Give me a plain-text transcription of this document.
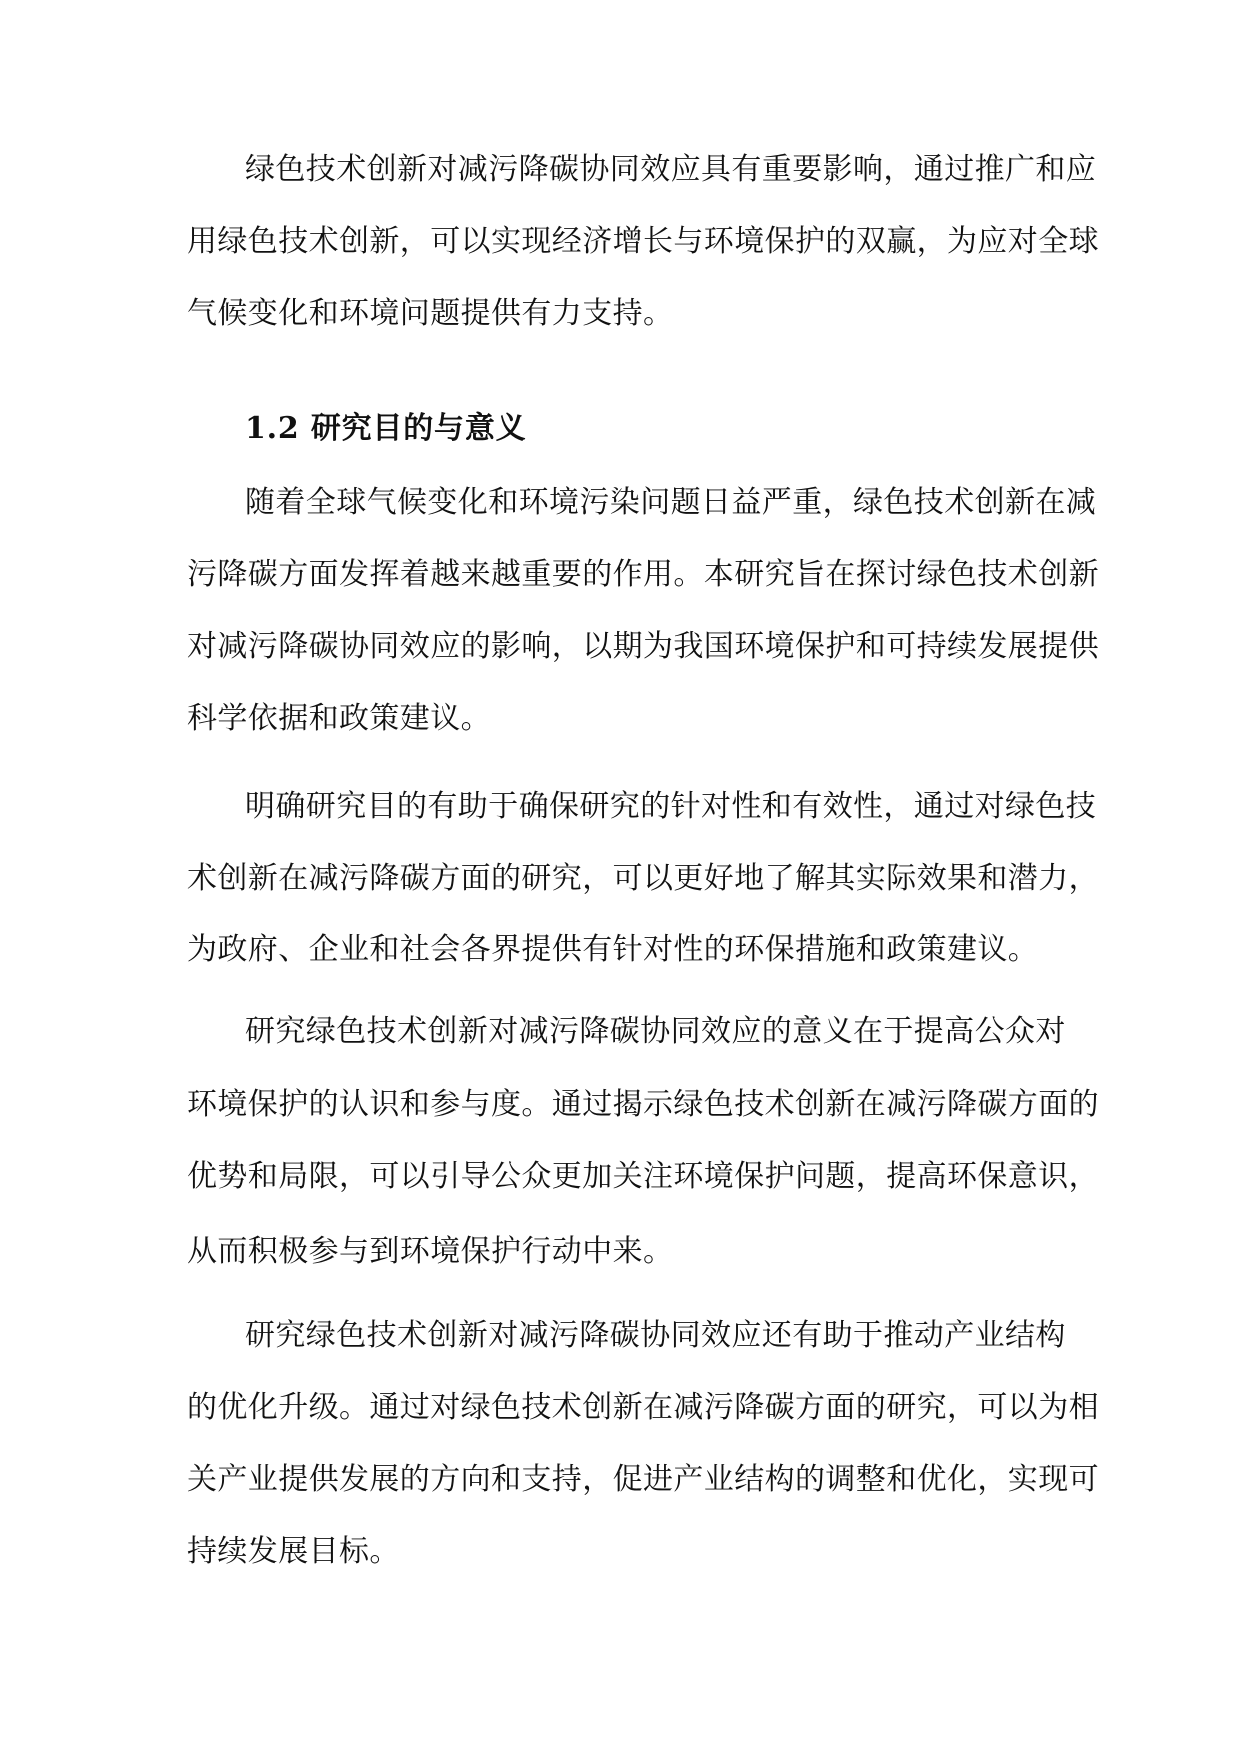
绿色技术创新对减污降碳协同效应具有重要影响，通过推广和应
用绿色技术创新，可以实现经济增长与环境保护的双赢，为应对全球
气候变化和环境问题提供有力支持。
1.2 研究目的与意义
随着全球气候变化和环境污染问题日益严重，绿色技术创新在减
污降碳方面发挥着越来越重要的作用。本研究旨在探讨绿色技术创新
对减污降碳协同效应的影响，以期为我国环境保护和可持续发展提供
科学依据和政策建议。
明确研究目的有助于确保研究的针对性和有效性，通过对绿色技
术创新在减污降碳方面的研究，可以更好地了解其实际效果和潜力，
为政府、企业和社会各界提供有针对性的环保措施和政策建议。
研究绿色技术创新对减污降碳协同效应的意义在于提高公众对
环境保护的认识和参与度。通过揭示绿色技术创新在减污降碳方面的
优势和局限，可以引导公众更加关注环境保护问题，提高环保意识，
从而积极参与到环境保护行动中来。
研究绿色技术创新对减污降碳协同效应还有助于推动产业结构
的优化升级。通过对绿色技术创新在减污降碳方面的研究，可以为相
关产业提供发展的方向和支持，促进产业结构的调整和优化，实现可
持续发展目标。
